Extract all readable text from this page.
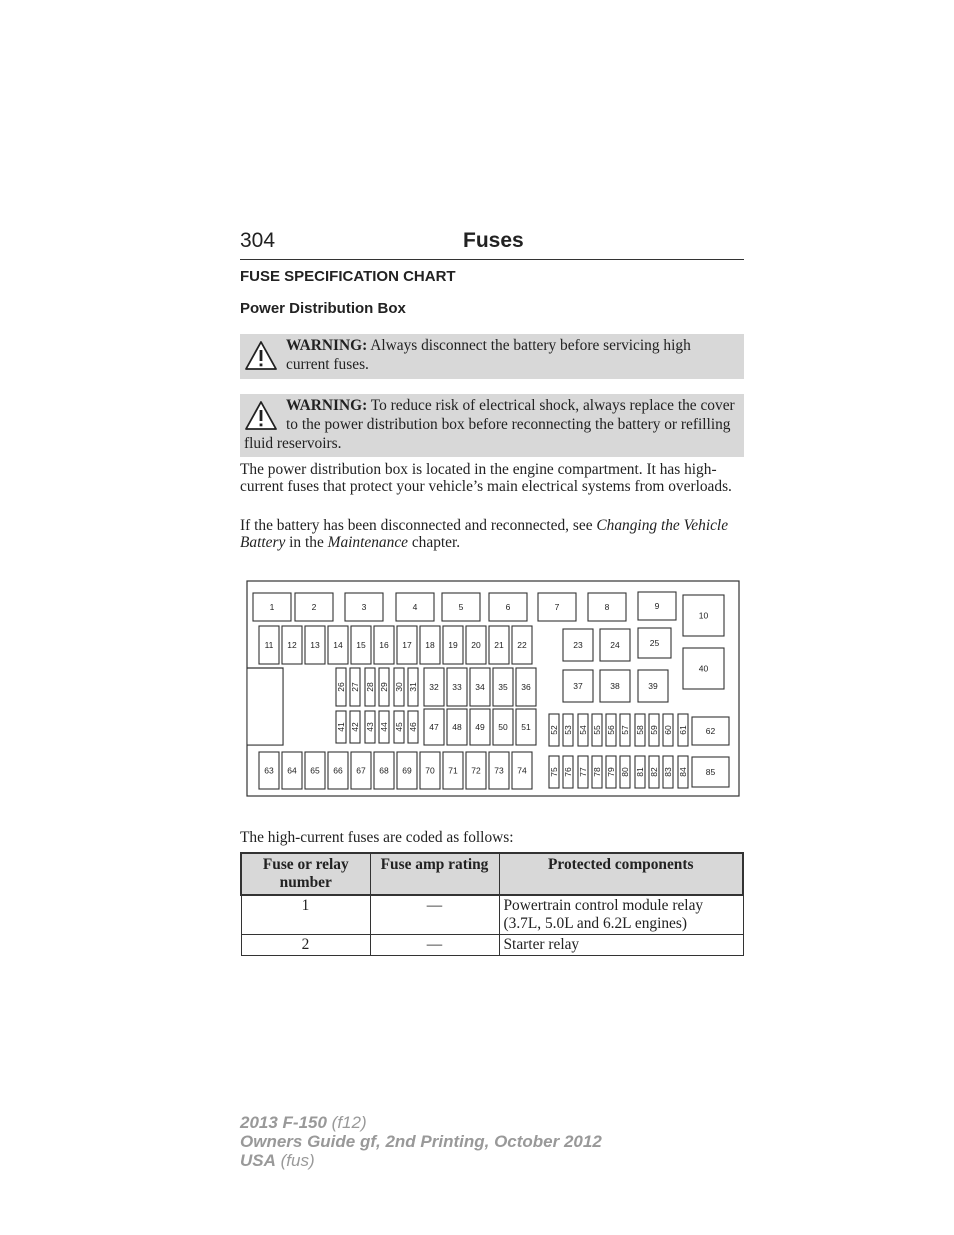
304	Fuses
FUSE SPECIFICATION CHART
Power Distribution Box
WARNING: Always disconnect the battery before servicing high current fuses.
WARNING: To reduce risk of electrical shock, always replace the cover to the power distribution box before reconnecting the battery or refilling fluid reservoirs.

The power distribution box is located in the engine compartment. It has high-current fuses that protect your vehicle’s main electrical systems from overloads.

If the battery has been disconnected and reconnected, see Changing the Vehicle Battery in the Maintenance chapter.

1	2	3	4	5	6	7	8	9
10
11 12 13 14 15 16 17 18 19 20 21 22	23	24	25
26 27 28 29 30 31 32 33 34 35 36	37	38	39
40
41 42 43 44 45 46 47 48 49 50 51 52 53 54 55 56 57 58 59 60 61 62
63 64 65 66 67 68 69 70 71 72 73 74	75 76 77 78 79 80 81 82 83 84 85
The high-current fuses are coded as follows:
Fuse or relay number	Fuse amp rating	Protected components
1	—	Powertrain control module relay (3.7L, 5.0L and 6.2L engines)
2	—	Starter relay
2013 F-150 (f12)
Owners Guide gf, 2nd Printing, October 2012
USA (fus)
